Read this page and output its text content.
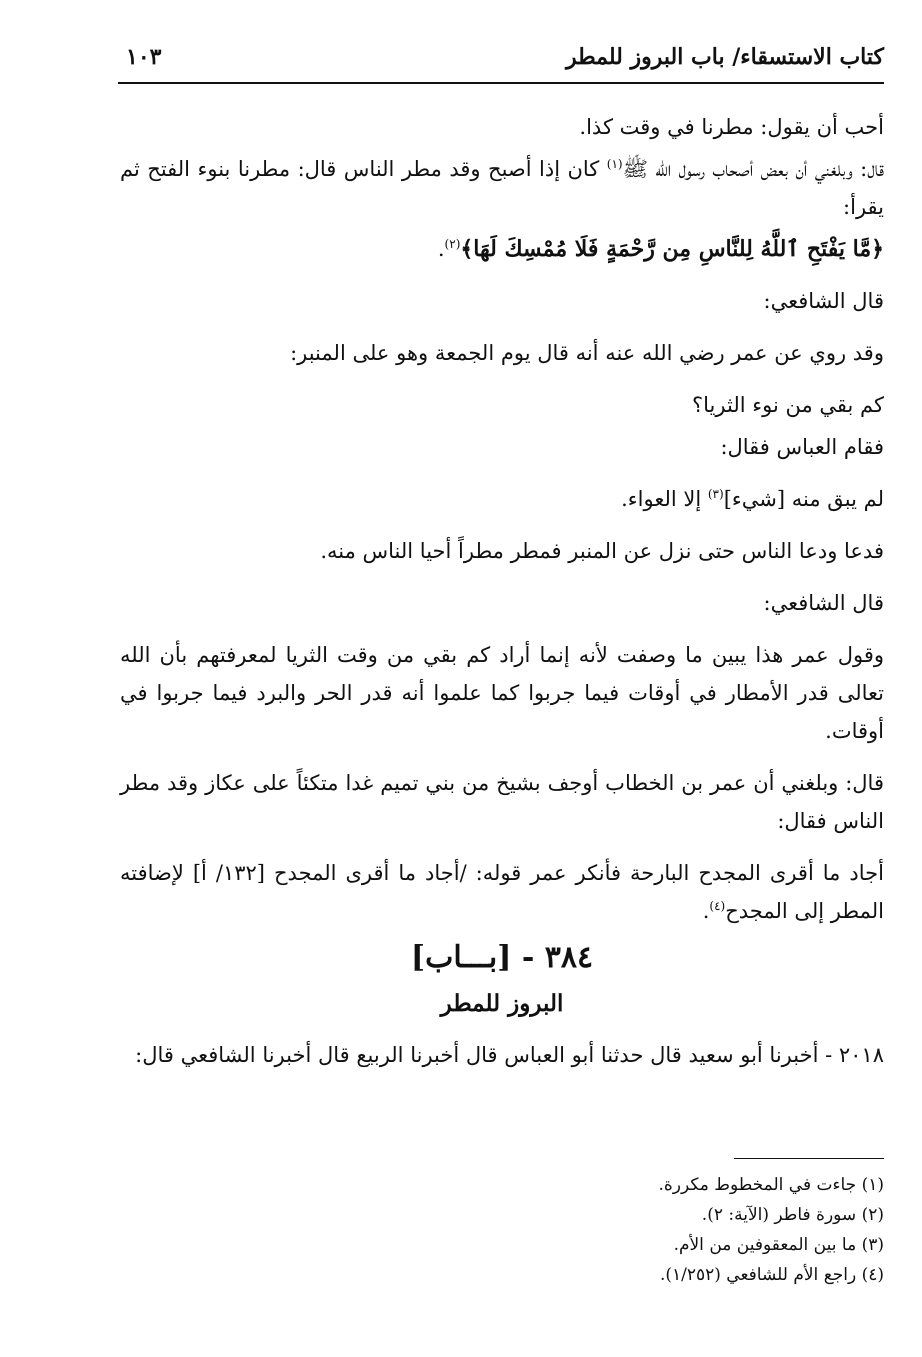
كتاب الاستسقاء/ باب البروز للمطر
١٠٣

أحب أن يقول: مطرنا في وقت كذا.

قال: وبلغني أن بعض أصحاب رسول الله ﷺ$^{(١)}$ كان إذا أصبح وقد مطر الناس قال: مطرنا بنوء الفتح ثم يقرأ:

﴿مَّا يَفْتَحِ ٱللَّهُ لِلنَّاسِ مِن رَّحْمَةٍ فَلَا مُمْسِكَ لَهَا﴾$^{(٢)}$.

قال الشافعي:

وقد روي عن عمر رضي الله عنه أنه قال يوم الجمعة وهو على المنبر:

كم بقي من نوء الثريا؟

فقام العباس فقال:

لم يبق منه [شيء]$^{(٣)}$ إلا العواء.

فدعا ودعا الناس حتى نزل عن المنبر فمطر مطراً أحيا الناس منه.

قال الشافعي:

وقول عمر هذا يبين ما وصفت لأنه إنما أراد كم بقي من وقت الثريا لمعرفتهم بأن الله تعالى قدر الأمطار في أوقات فيما جربوا كما علموا أنه قدر الحر والبرد فيما جربوا في أوقات.

قال: وبلغني أن عمر بن الخطاب أوجف بشيخ من بني تميم غدا متكئاً على عكاز وقد مطر الناس فقال:

أجاد ما أقرى المجدح البارحة فأنكر عمر قوله: /أجاد ما أقرى المجدح [١٣٢/ أ] لإضافته المطر إلى المجدح$^{(٤)}$.

٣٨٤ - [بـــاب]
البروز للمطر

٢٠١٨ - أخبرنا أبو سعيد قال حدثنا أبو العباس قال أخبرنا الربيع قال أخبرنا الشافعي قال:

(١) جاءت في المخطوط مكررة.
(٢) سورة فاطر (الآية: ٢).
(٣) ما بين المعقوفين من الأم.
(٤) راجع الأم للشافعي (١/٢٥٢).
